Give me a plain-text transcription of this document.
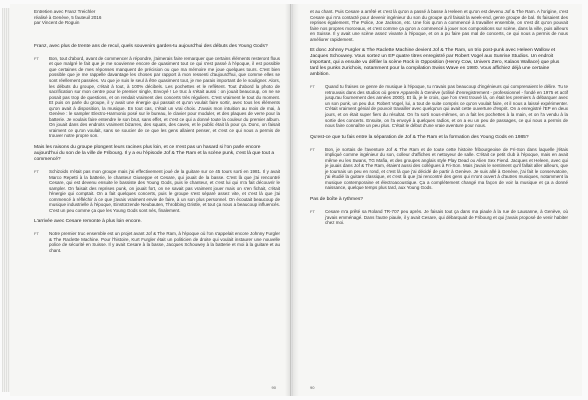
Entretien avec Franz Treichler
réalisé à Genève, 5 fauteuil 2016
par Vincent de Roguin

Franz, avec plus de trente ans de recul, quels souvenirs gardes-tu aujourd'hui des débuts des Young Gods?

FT	Bon, tout d'abord, avant de commencer à répondre, j'aimerais faire remarquer que certains éléments resteront flous et que malgré le fait que je me souvienne encore de quasiment tout ce qui s'est passé à l'époque, il est possible que certaines de mes réponses manquent de précision ou que ma mémoire me joue quelques tours. C'est bien possible que je me rappelle davantage les choses par rapport à mon ressenti d'aujourd'hui, que comme elles se sont réellement passées. Vu que je suis le seul à être quasiment tout, je me parais important de le souligner. Alors, les débuts du groupe, c'était à tout, à 100% décibels. Les pochettes et le reflètent. Tout d'abord la photo de sacrification sur mon centre pour le premier single, Envoyé ! Le truc à s'était aussi : on jouait beaucoup, on ne se posait pas trop de questions, et on rendait vraiment des concerts très réguliers. C'est vraiment le tout du moment. Et puis on parle du groupe, il y avait une énergie qui passait et qu'on voulait faire sortir, avec tous les éléments qu'on avait à disposition, la musique. En tout cas, c'était un vrai choix. J'avais mon intuition au mois de mai, à Genève : le sampler Electro-Harmonix posé sur le bureau, le clavier pour moduler, et des plaques de verre pour la batterie. Je voulais faire entendre le son brut, sans effet, et c'est ce qui a donné toute la couleur du premier album. On jouait dans des endroits vraiment bizarres, des squats, des caves, et le public était là pour ça. Donc, on faisait vraiment ce qu'on voulait, sans se soucier de ce que les gens allaient penser, et c'est ce qui nous a permis de trouver notre propre son.

Mais les raisons du groupe plongent leurs racines plus loin, et ce n'est pas un hasard si l'on parle encore aujourd'hui du son de la ville de Fribourg. Il y a eu l'épisode Jof & The Ram et la scène punk, c'est là que tout a commencé?

FT	Schizoids n'était pas mon groupe mais j'ai effectivement joué de la guitare sur ce 45 tours sorti en 1981. Il y avait Marco Repetti à la batterie, le chanteur Giuseppe et Cesare, qui jouait de la basse. C'est là que j'ai rencontré Cesare, qui est devenu ensuite le bassiste des Young Gods, puis le chanteur, et c'est lui qui m'a fait découvrir le sampler. On faisait des reprises punk, on jouait fort, on ne savait pas vraiment jouer mais on s'en fichait, c'était l'énergie qui comptait. On a fait quelques concerts, puis le groupe s'est séparé assez vite, et c'est là que j'ai commencé à réfléchir à ce que j'avais vraiment envie de faire, à un son plus personnel. On écoutait beaucoup de musique industrielle à l'époque, Einstürzende Neubauten, Throbbing Gristle, et tout ça nous a beaucoup influencés. C'est un peu comme ça que les Young Gods sont nés, finalement.

L'arrivée avec Cesare remonte à plus loin encore.

FT	Notre premier truc ensemble est un projet avant Jof & The Ram, à l'époque où l'on s'appelait encore Johnny Furgler & The Raclette Machine. Pour l'histoire, Kurt Furgler était un politicien de droite qui voulait instaurer une nouvelle police de sécurité en Suisse. Il y avait Cesare à la basse, Jacques Schouwey à la batterie et moi à la guitare et au chant.

90

et au chant. Puis Cesare a arrêté et c'est là qu'on a passé à basse à Heleen et qu'on est devenu Jof & The Ram. A l'origine, c'est Cesare qui m'a contacté pour devenir ingénieur du son du groupe qu'il faisait la week-end, genre groupe de bal. Ils faisaient des reprises également, The Police, Joe Jackson, etc. Une fois qu'on a commencé à travailler ensemble, on s'est dit qu'on pouvait faire nos propres morceaux, et c'est comme ça qu'on a commencé à jouer nos compositions sur scène, dans la ville, puis ailleurs en Suisse. Il y avait une scène assez vivante à l'époque, et on a pu faire pas mal de concerts, ce qui nous a permis de nous améliorer rapidement.

Et donc Johnny Furgler & The Raclette Machine devient Jof & The Ram, un trio post-punk avec Heleen Wallow et Jacques Schouwey. Vous sortez un EP quatre titres enregistré par Robert Vogel aux Sunrise Studios. Un endroit important, qui a ensuite vu défiler la scène Rock in Opposition (Henry Cow, Univers Zero, Kalaos Wallace) que plus tard les punks zurichois, notamment pour la compilation Swiss Wave en 1980. Vous affichiez déjà une certaine ambition.

FT	Quand tu fraises ce genre de musique à l'époque, tu n'avais pas beaucoup d'ingénieurs qui comprenaient le délire. Tu te retrouvais dans des studios où genre Appareils à Genève (utilisé d'enregistrement - professionnel - fondé en 1975 et actif jusqu'au fournement des années 2000). Et là, je le crois, que l'on s'est trouvé là, on était les premiers à débarquer avec un son punk, un peu dur. Robert Vogel, lui, a tout de suite compris ce qu'on voulait faire, et il nous a laissé expérimenter. C'était vraiment génial de pouvoir travailler avec quelqu'un qui avait cette ouverture d'esprit. On a enregistré l'EP en deux jours, et on était super fiers du résultat. On l'a sorti nous-mêmes, on a fait les pochettes à la main, et on l'a vendu à la sortie des concerts. Ensuite, on l'a envoyé à quelques radios, et on a eu un peu de passages, ce qui nous a permis de nous faire connaître un peu plus. C'était le début d'une vraie aventure pour nous.

Qu'est-ce que tu fais entre la séparation de Jof & The Ram et la formation des Young Gods en 1985?

FT	Bon, je sortais de l'aventure Jof & The Ram et de toute cette histoire fribourgeoise de Fri-Son dans laquelle j'étais impliqué comme ingénieur du son, colleur d'affiches et nettoyeur de salle. C'était ce petit club à l'époque, mais en avait même eu les Swans, TG Mafia, et des groupes anglais style Play Dead ou Alien Sex Fiend. Jacques et Heleen, avec qui je jouais dans Jof & The Ram, étaient aussi des collègues à Fri-Son. Mais j'avais le sentiment qu'il fallait aller ailleurs, que je tournais un peu en rond, et c'est là que j'ai décidé de partir à Genève. Je suis allé à Genève, j'ai fait le conservatoire, j'ai étudié la guitare classique, et c'est là que j'ai rencontré des gens qui m'ont ouvert à d'autres musiques, notamment la musique contemporaine et électroacoustique. Ça a complètement changé ma façon de voir la musique et ça a donné naissance, quelque temps plus tard, aux Young Gods.

Pas de boîte à rythmes?

FT	Cesare m'a prêté sa Roland TR-707 peu après. Je faisais tout ça dans ma piaule à la rue de Lausanne, à Genève, où j'avais emménagé. Dans l'autre piaule, il y avait Cesare, qui débarquait de Fribourg et qui j'avais proposé de venir habiter chez moi.

90
